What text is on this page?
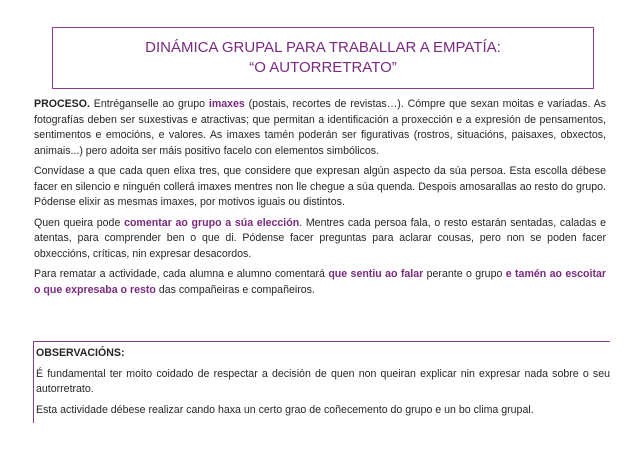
DINÁMICA GRUPAL PARA TRABALLAR A EMPATÍA:
“O AUTORRETRATO”

PROCESO. Entréganselle ao grupo imaxes (postais, recortes de revistas…). Cómpre que sexan moitas e variadas. As fotografías deben ser suxestivas e atractivas; que permitan a identificación a proxección e a expresión de pensamentos, sentimentos e emocións, e valores. As imaxes tamén poderán ser figurativas (rostros, situacións, paisaxes, obxectos, animais...) pero adoita ser máis positivo facelo con elementos simbólicos.

Convídase a que cada quen elixa tres, que considere que expresan algún aspecto da súa persoa. Esta escolla débese facer en silencio e ninguén collerá imaxes mentres non lle chegue a súa quenda. Despois amosarallas ao resto do grupo. Pódense elixir as mesmas imaxes, por motivos iguais ou distintos.

Quen queira pode comentar ao grupo a súa elección. Mentres cada persoa fala, o resto estarán sentadas, caladas e atentas, para comprender ben o que di. Pódense facer preguntas para aclarar cousas, pero non se poden facer obxeccións, críticas, nin expresar desacordos.

Para rematar a actividade, cada alumna e alumno comentará que sentiu ao falar perante o grupo e tamén ao escoitar o que expresaba o resto das compañeiras e compañeiros.

OBSERVACIÓNS:

É fundamental ter moito coidado de respectar a decisión de quen non queiran explicar nin expresar nada sobre o seu autorretrato.

Esta actividade débese realizar cando haxa un certo grao de coñecemento do grupo e un bo clima grupal.
